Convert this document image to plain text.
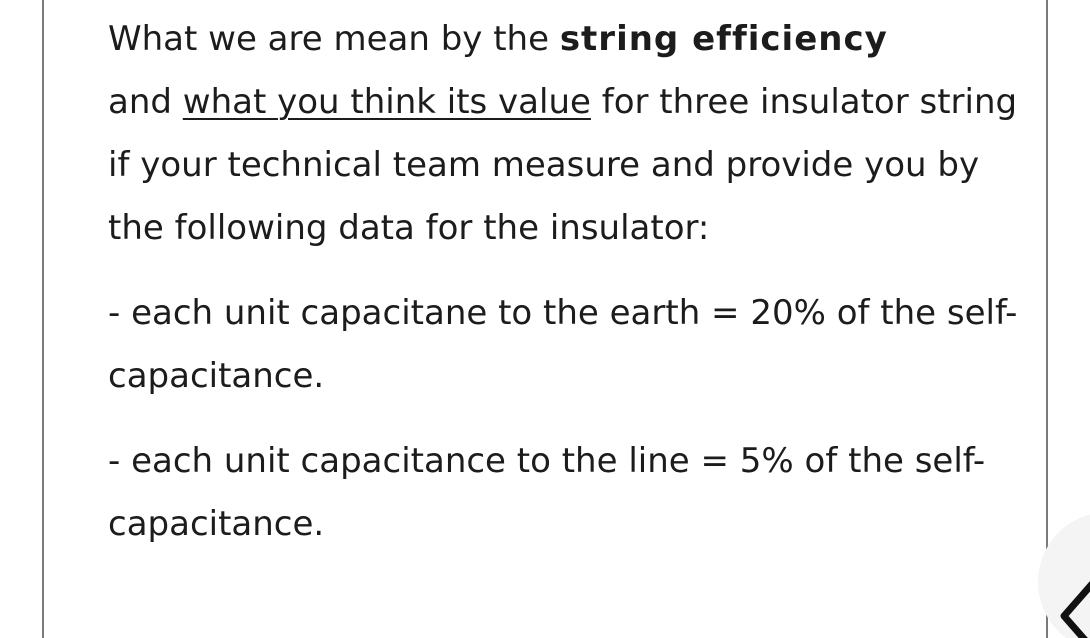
What we are mean by the string efficiency
and what you think its value for three insulator string if your technical team measure and provide you by the following data for the insulator:

- each unit capacitane to the earth = 20% of the self-capacitance.

- each unit capacitance to the line = 5% of the self-capacitance.
